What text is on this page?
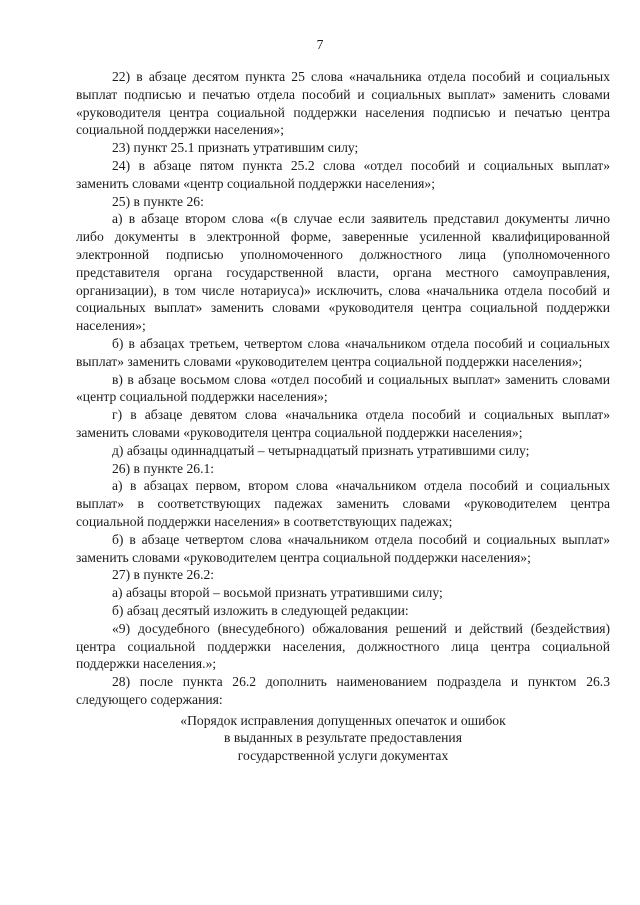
7

22) в абзаце десятом пункта 25 слова «начальника отдела пособий и социальных выплат подписью и печатью отдела пособий и социальных выплат» заменить словами «руководителя центра социальной поддержки населения подписью и печатью центра социальной поддержки населения»;

23) пункт 25.1 признать утратившим силу;

24) в абзаце пятом пункта 25.2 слова «отдел пособий и социальных выплат» заменить словами «центр социальной поддержки населения»;

25) в пункте 26:

а) в абзаце втором слова «(в случае если заявитель представил документы лично либо документы в электронной форме, заверенные усиленной квалифицированной электронной подписью уполномоченного должностного лица (уполномоченного представителя органа государственной власти, органа местного самоуправления, организации), в том числе нотариуса)» исключить, слова «начальника отдела пособий и социальных выплат» заменить словами «руководителя центра социальной поддержки населения»;

б) в абзацах третьем, четвертом слова «начальником отдела пособий и социальных выплат» заменить словами «руководителем центра социальной поддержки населения»;

в) в абзаце восьмом слова «отдел пособий и социальных выплат» заменить словами «центр социальной поддержки населения»;

г) в абзаце девятом слова «начальника отдела пособий и социальных выплат» заменить словами «руководителя центра социальной поддержки населения»;

д) абзацы одиннадцатый – четырнадцатый признать утратившими силу;

26) в пункте 26.1:

а) в абзацах первом, втором слова «начальником отдела пособий и социальных выплат» в соответствующих падежах заменить словами «руководителем центра социальной поддержки населения» в соответствующих падежах;

б) в абзаце четвертом слова «начальником отдела пособий и социальных выплат» заменить словами «руководителем центра социальной поддержки населения»;

27) в пункте 26.2:

а) абзацы второй – восьмой признать утратившими силу;

б) абзац десятый изложить в следующей редакции:

«9) досудебного (внесудебного) обжалования решений и действий (бездействия) центра социальной поддержки населения, должностного лица центра социальной поддержки населения.»;

28) после пункта 26.2 дополнить наименованием подраздела и пунктом 26.3 следующего содержания:

«Порядок исправления допущенных опечаток и ошибок
в выданных в результате предоставления
государственной услуги документах
